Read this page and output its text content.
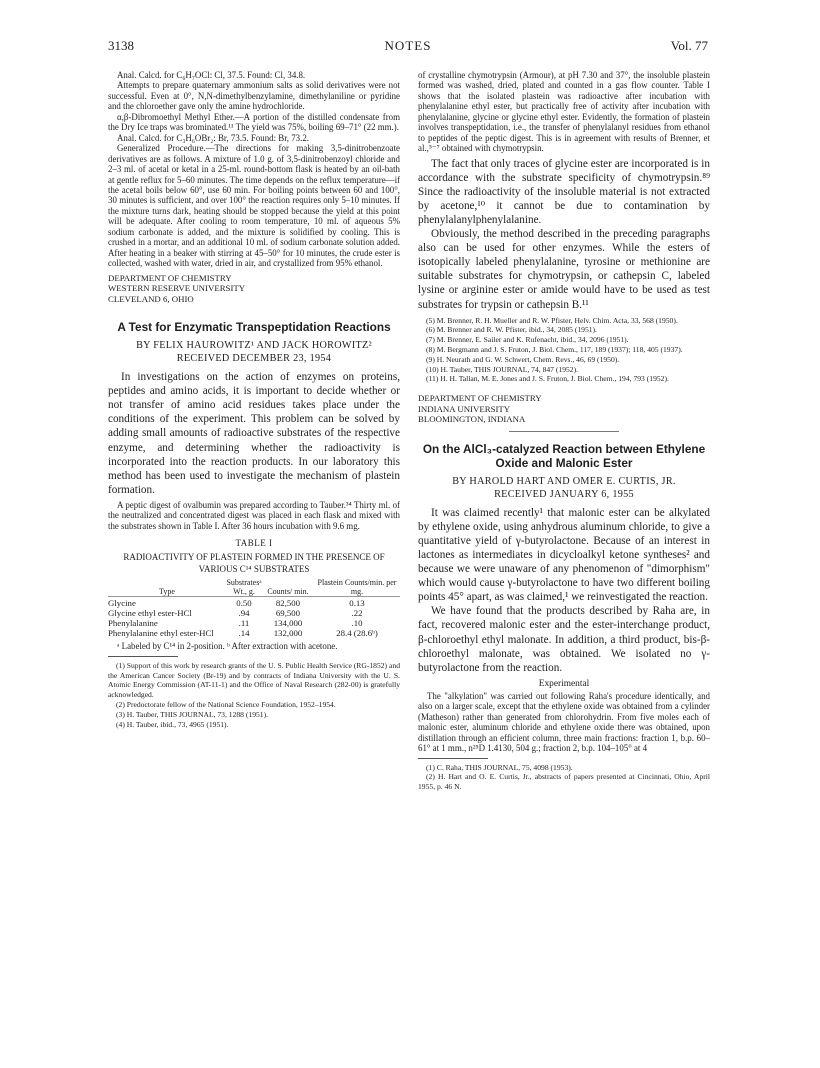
3138	NOTES	Vol. 77

Anal. Calcd. for C₆H₇OCl: Cl, 37.5. Found: Cl, 34.8.

Attempts to prepare quaternary ammonium salts as solid derivatives were not successful. Even at 0°, N,N-dimethylbenzylamine, dimethylaniline or pyridine and the chloroether gave only the amine hydrochloride.

α,β-Dibromoethyl Methyl Ether.—A portion of the distilled condensate from the Dry Ice traps was brominated.¹¹ The yield was 75%, boiling 69–71° (22 mm.).

Anal. Calcd. for C₃H₆OBr₂: Br, 73.5. Found: Br, 73.2.

Generalized Procedure.—The directions for making 3,5-dinitrobenzoate derivatives are as follows. A mixture of 1.0 g. of 3,5-dinitrobenzoyl chloride and 2–3 ml. of acetal or ketal in a 25-ml. round-bottom flask is heated by an oil-bath at gentle reflux for 5–60 minutes. The time depends on the reflux temperature—if the acetal boils below 60°, use 60 min. For boiling points between 60 and 100°, 30 minutes is sufficient, and over 100° the reaction requires only 5–10 minutes. If the mixture turns dark, heating should be stopped because the yield at this point will be adequate. After cooling to room temperature, 10 ml. of aqueous 5% sodium carbonate is added, and the mixture is solidified by cooling. This is crushed in a mortar, and an additional 10 ml. of sodium carbonate solution added. After heating in a beaker with stirring at 45–50° for 10 minutes, the crude ester is collected, washed with water, dried in air, and crystallized from 95% ethanol.

DEPARTMENT OF CHEMISTRY
WESTERN RESERVE UNIVERSITY
CLEVELAND 6, OHIO
A Test for Enzymatic Transpeptidation Reactions
BY FELIX HAUROWITZ¹ AND JACK HOROWITZ²
RECEIVED DECEMBER 23, 1954

In investigations on the action of enzymes on proteins, peptides and amino acids, it is important to decide whether or not transfer of amino acid residues takes place under the conditions of the experiment. This problem can be solved by adding small amounts of radioactive substrates of the respective enzyme, and determining whether the radioactivity is incorporated into the reaction products. In our laboratory this method has been used to investigate the mechanism of plastein formation.

A peptic digest of ovalbumin was prepared according to Tauber.³⁴ Thirty ml. of the neutralized and concentrated digest was placed in each flask and mixed with the substrates shown in Table I. After 36 hours incubation with 9.6 mg.

TABLE I
RADIOACTIVITY OF PLASTEIN FORMED IN THE PRESENCE OF
VARIOUS C¹⁴ SUBSTRATES
Type	Substratesᵃ Wt., g.	Counts/ min.	Plastein Counts/min. per mg.
Glycine	0.50	82,500	0.13
Glycine ethyl ester-HCl	.94	69,500	.22
Phenylalanine	.11	134,000	.10
Phenylalanine ethyl ester-HCl	.14	132,000	28.4 (28.6ᵇ)

ᵃ Labeled by C¹⁴ in 2-position. ᵇ After extraction with acetone.

(1) Support of this work by research grants of the U. S. Public Health Service (RG-1852) and the American Cancer Society (Br-19) and by contracts of Indiana University with the U. S. Atomic Energy Commission (AT-11-1) and the Office of Naval Research (282-00) is gratefully acknowledged.

(2) Predoctorate fellow of the National Science Foundation, 1952–1954.

(3) H. Tauber, THIS JOURNAL, 73, 1288 (1951).

(4) H. Tauber, ibid., 73, 4965 (1951).

of crystalline chymotrypsin (Armour), at pH 7.30 and 37°, the insoluble plastein formed was washed, dried, plated and counted in a gas flow counter. Table I shows that the isolated plastein was radioactive after incubation with phenylalanine ethyl ester, but practically free of activity after incubation with phenylalanine, glycine or glycine ethyl ester. Evidently, the formation of plastein involves transpeptidation, i.e., the transfer of phenylalanyl residues from ethanol to peptides of the peptic digest. This is in agreement with results of Brenner, et al.,⁵⁻⁷ obtained with chymotrypsin.

The fact that only traces of glycine ester are incorporated is in accordance with the substrate specificity of chymotrypsin.⁸⁹ Since the radioactivity of the insoluble material is not extracted by acetone,¹⁰ it cannot be due to contamination by phenylalanylphenylalanine.

Obviously, the method described in the preceding paragraphs also can be used for other enzymes. While the esters of isotopically labeled phenylalanine, tyrosine or methionine are suitable substrates for chymotrypsin, or cathepsin C, labeled lysine or arginine ester or amide would have to be used as test substrates for trypsin or cathepsin B.¹¹

(5) M. Brenner, R. H. Mueller and R. W. Pfister, Helv. Chim. Acta, 33, 568 (1950).

(6) M. Brenner and R. W. Pfister, ibid., 34, 2085 (1951).

(7) M. Brenner, E. Sailer and K. Rufenacht, ibid., 34, 2096 (1951).

(8) M. Bergmann and J. S. Fruton, J. Biol. Chem., 117, 189 (1937); 118, 405 (1937).

(9) H. Neurath and G. W. Schwert, Chem. Revs., 46, 69 (1950).

(10) H. Tauber, THIS JOURNAL, 74, 847 (1952).

(11) H. H. Tallan, M. E. Jones and J. S. Fruton, J. Biol. Chem., 194, 793 (1952).

DEPARTMENT OF CHEMISTRY
INDIANA UNIVERSITY
BLOOMINGTON, INDIANA
On the AlCl₃-catalyzed Reaction between Ethylene Oxide and Malonic Ester
BY HAROLD HART AND OMER E. CURTIS, JR.
RECEIVED JANUARY 6, 1955

It was claimed recently¹ that malonic ester can be alkylated by ethylene oxide, using anhydrous aluminum chloride, to give a quantitative yield of γ-butyrolactone. Because of an interest in lactones as intermediates in dicycloalkyl ketone syntheses² and because we were unaware of any phenomenon of "dimorphism" which would cause γ-butyrolactone to have two different boiling points 45° apart, as was claimed,¹ we reinvestigated the reaction.

We have found that the products described by Raha are, in fact, recovered malonic ester and the ester-interchange product, β-chloroethyl ethyl malonate. In addition, a third product, bis-β-chloroethyl malonate, was obtained. We isolated no γ-butyrolactone from the reaction.

Experimental

The "alkylation" was carried out following Raha's procedure identically, and also on a larger scale, except that the ethylene oxide was obtained from a cylinder (Matheson) rather than generated from chlorohydrin. From five moles each of malonic ester, aluminum chloride and ethylene oxide there was obtained, upon distillation through an efficient column, three main fractions: fraction 1, b.p. 60–61° at 1 mm., n²⁵D 1.4130, 504 g.; fraction 2, b.p. 104–105° at 4

(1) C. Raha, THIS JOURNAL, 75, 4098 (1953).

(2) H. Hart and O. E. Curtis, Jr., abstracts of papers presented at Cincinnati, Ohio, April 1955, p. 46 N.
